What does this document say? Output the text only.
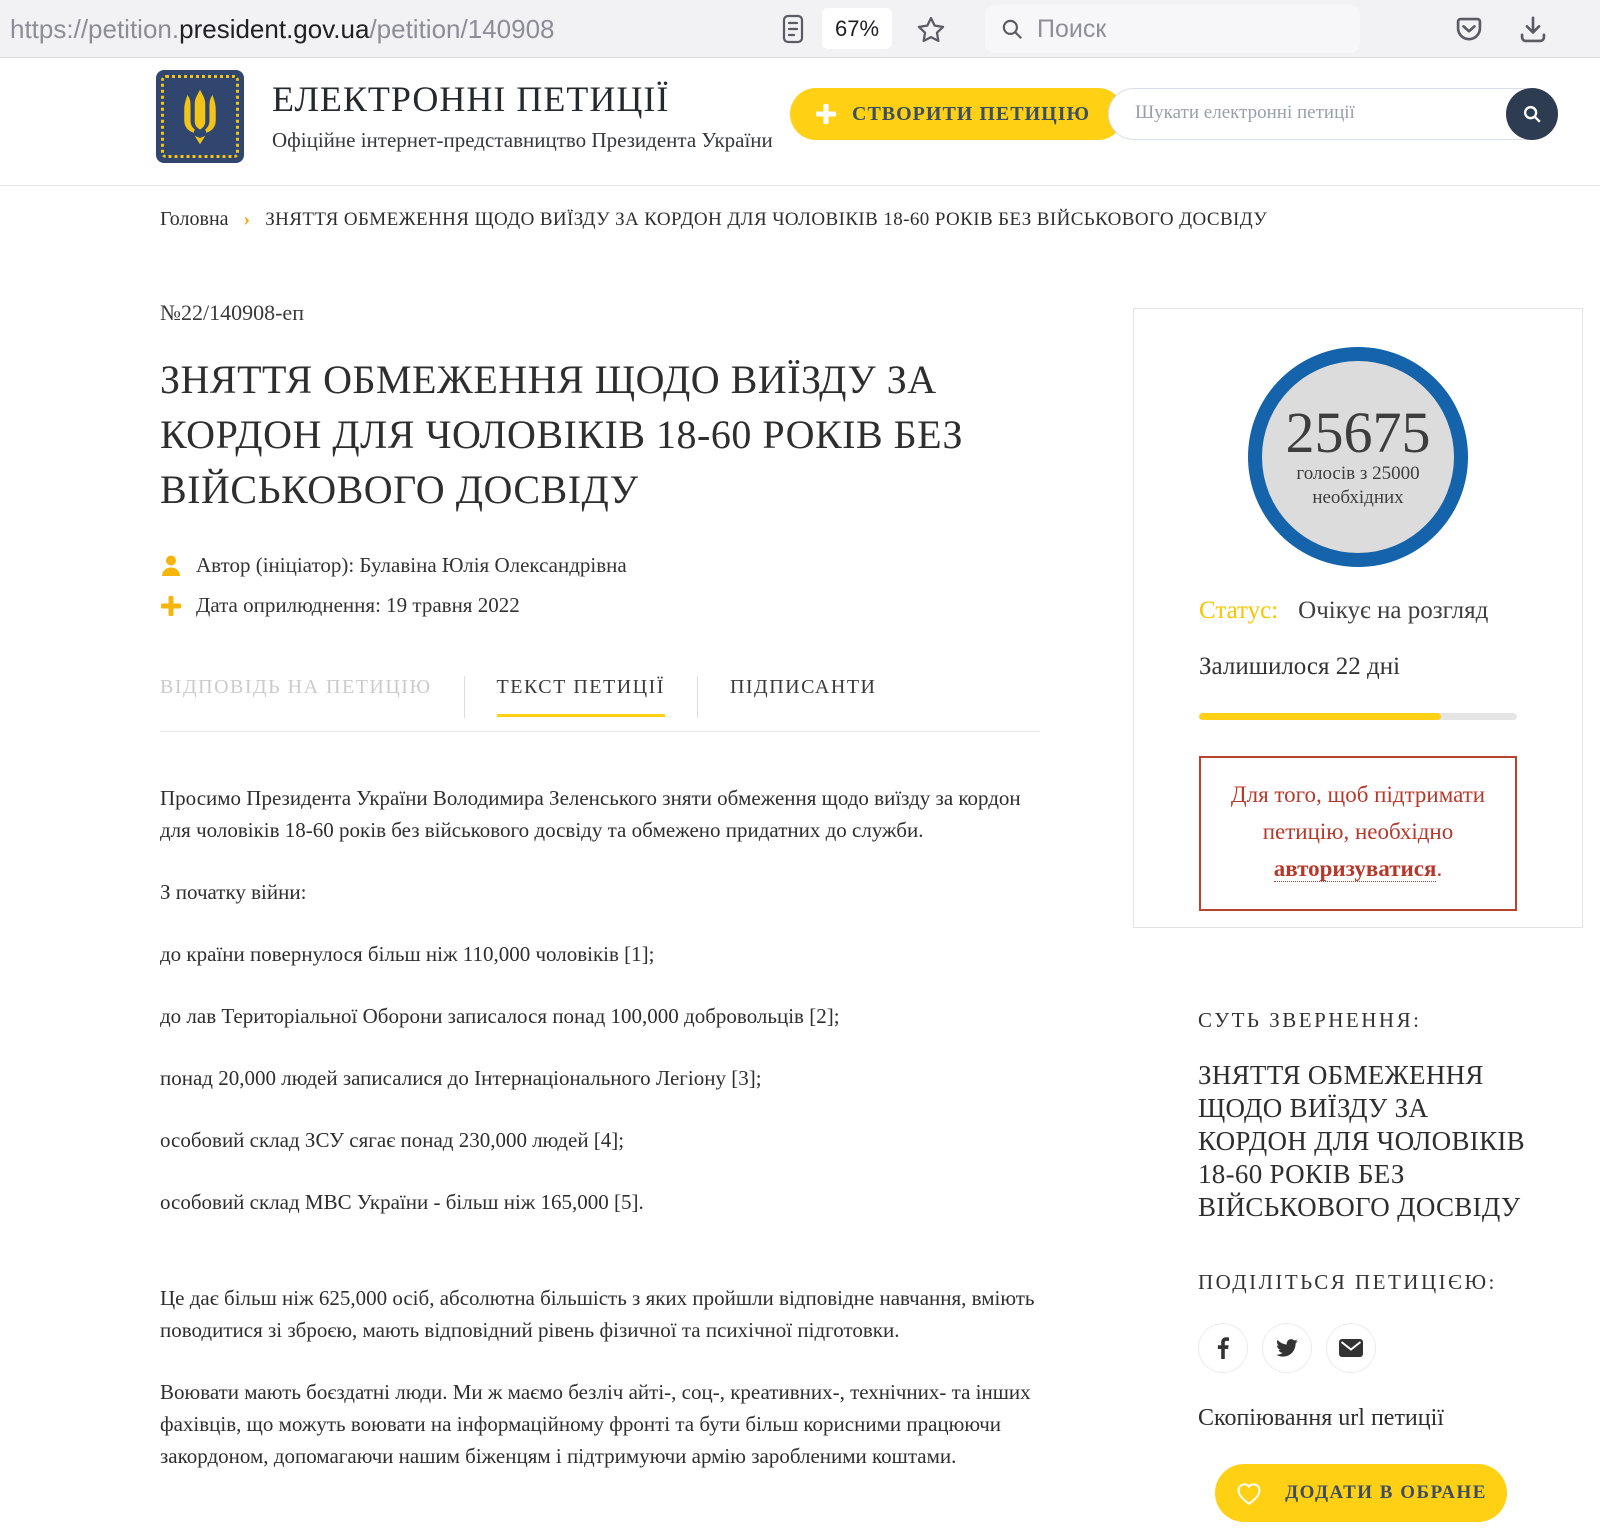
https://petition.president.gov.ua/petition/140908	67%	Поиск
ЕЛЕКТРОННІ ПЕТИЦІЇ
Офіційне інтернет-представництво Президента України
СТВОРИТИ ПЕТИЦІЮ Шукати електронні петиції
Головна › ЗНЯТТЯ ОБМЕЖЕННЯ ЩОДО ВИЇЗДУ ЗА КОРДОН ДЛЯ ЧОЛОВІКІВ 18-60 РОКІВ БЕЗ ВІЙСЬКОВОГО ДОСВІДУ
№22/140908-еп
ЗНЯТТЯ ОБМЕЖЕННЯ ЩОДО ВИЇЗДУ ЗА КОРДОН ДЛЯ ЧОЛОВІКІВ 18-60 РОКІВ БЕЗ ВІЙСЬКОВОГО ДОСВІДУ
Автор (ініціатор): Булавіна Юлія Олександрівна
Дата оприлюднення: 19 травня 2022
ВІДПОВІДЬ НА ПЕТИЦІЮ	ТЕКСТ ПЕТИЦІЇ	ПІДПИСАНТИ

Просимо Президента України Володимира Зеленського зняти обмеження щодо виїзду за кордон для чоловіків 18-60 років без військового досвіду та обмежено придатних до служби.

З початку війни:

до країни повернулося більш ніж 110,000 чоловіків [1];

до лав Територіальної Оборони записалося понад 100,000 добровольців [2];

понад 20,000 людей записалися до Інтернаціонального Легіону [3];

особовий склад ЗСУ сягає понад 230,000 людей [4];

особовий склад МВС України - більш ніж 165,000 [5].

Це дає більш ніж 625,000 осіб, абсолютна більшість з яких пройшли відповідне навчання, вміють поводитися зі зброєю, мають відповідний рівень фізичної та психічної підготовки.

Воювати мають боєздатні люди. Ми ж маємо безліч айті-, соц-, креативних-, технічних- та інших фахівців, що можуть воювати на інформаційному фронті та бути більш корисними працюючи закордоном, допомагаючи нашим біженцям і підтримуючи армію заробленими коштами.

25675
голосів з 25000
необхідних
Статус: Очікує на розгляд
Залишилося 22 дні
Для того, щоб підтримати
петицію, необхідно
авторизуватися.
СУТЬ ЗВЕРНЕННЯ:
ЗНЯТТЯ ОБМЕЖЕННЯ ЩОДО ВИЇЗДУ ЗА КОРДОН ДЛЯ ЧОЛОВІКІВ 18-60 РОКІВ БЕЗ ВІЙСЬКОВОГО ДОСВІДУ
ПОДІЛІТЬСЯ ПЕТИЦІЄЮ:
Скопіювання url петиції
ДОДАТИ В ОБРАНЕ
